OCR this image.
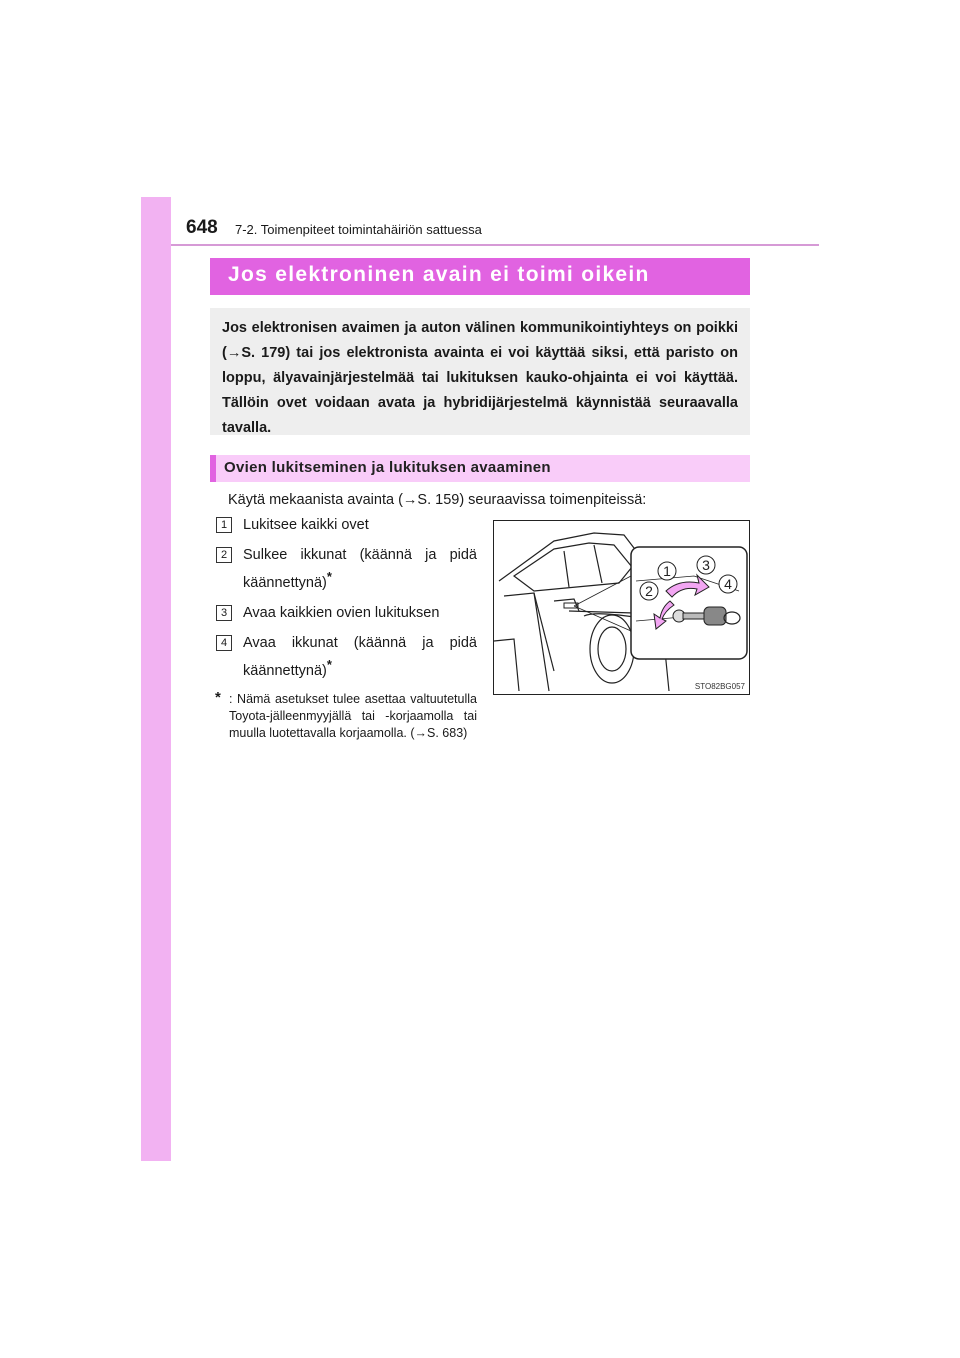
648 7-2. Toimenpiteet toimintahäiriön sattuessa
Jos elektroninen avain ei toimi oikein

Jos elektronisen avaimen ja auton välinen kommunikointiyhteys on poikki (→S. 179) tai jos elektronista avainta ei voi käyttää siksi, että paristo on loppu, älyavainjärjestelmää tai lukituksen kauko-ohjainta ei voi käyttää. Tällöin ovet voidaan avata ja hybridijärjestelmä käynnistää seuraavalla tavalla.

Ovien lukitseminen ja lukituksen avaaminen
Käytä mekaanista avainta (→S. 159) seuraavissa toimenpiteissä:
1	Lukitsee kaikki ovet
2	Sulkee ikkunat (käännä ja pidä käännettynä)*
3	Avaa kaikkien ovien lukituksen
4	Avaa ikkunat (käännä ja pidä käännettynä)*
* : Nämä asetukset tulee asettaa valtuutetulla Toyota-jälleenmyyjällä tai -korjaamolla tai muulla luotettavalla korjaamolla. (→S. 683)
1
2
3
4
STO82BG057
